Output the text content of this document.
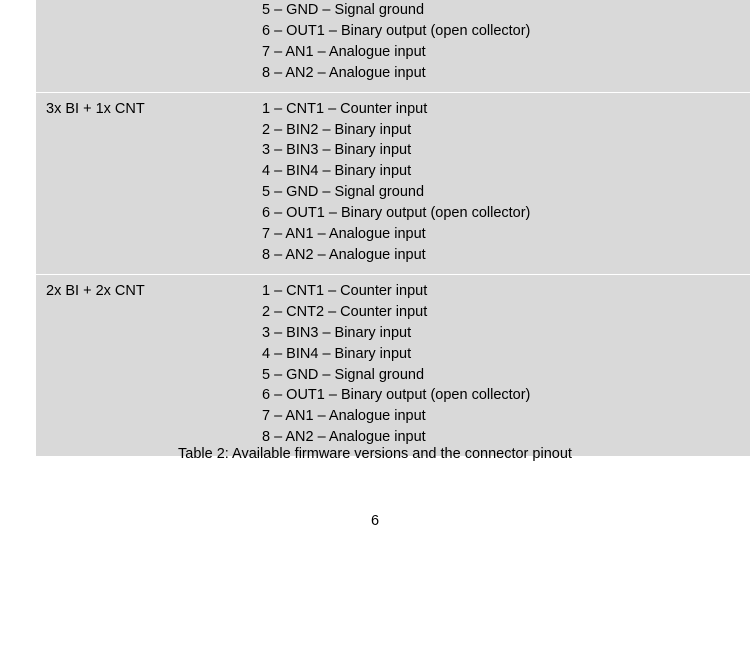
	5 – GND – Signal ground
6 – OUT1 – Binary output (open collector)
7 – AN1 – Analogue input
8 – AN2 – Analogue input

3x BI + 1x CNT	1 – CNT1 – Counter input
2 – BIN2 – Binary input
3 – BIN3 – Binary input
4 – BIN4 – Binary input
5 – GND – Signal ground
6 – OUT1 – Binary output (open collector)
7 – AN1 – Analogue input
8 – AN2 – Analogue input

2x BI + 2x CNT	1 – CNT1 – Counter input
2 – CNT2 – Counter input
3 – BIN3 – Binary input
4 – BIN4 – Binary input
5 – GND – Signal ground
6 – OUT1 – Binary output (open collector)
7 – AN1 – Analogue input
8 – AN2 – Analogue input
Table 2: Available firmware versions and the connector pinout
6
